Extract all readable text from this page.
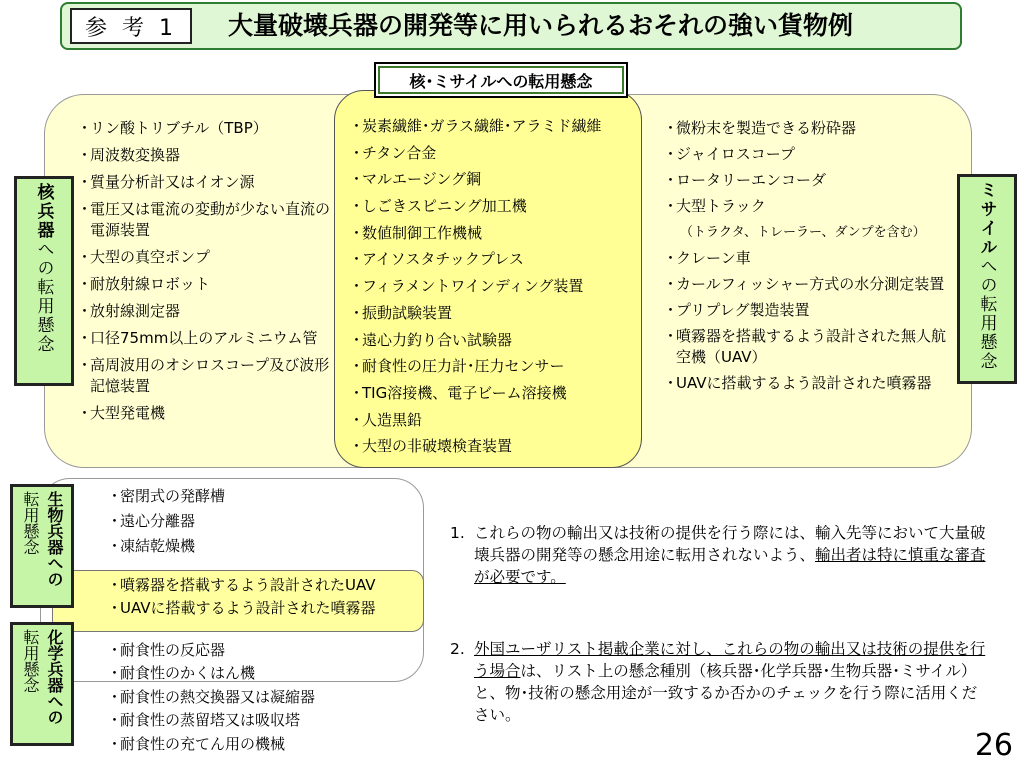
参 考 1	大量破壊兵器の開発等に用いられるおそれの強い貨物例
核･ミサイルへの転用懸念
核兵器への転用懸念
ミサイルへの転用懸念
・ リン酸トリブチル（TBP）
・ 周波数変換器
・ 質量分析計又はイオン源
・ 電圧又は電流の変動が少ない直流の電源装置
・ 大型の真空ポンプ
・ 耐放射線ロボット
・ 放射線測定器
・ 口径75mm以上のアルミニウム管
・ 高周波用のオシロスコープ及び波形記憶装置
・ 大型発電機
・ 炭素繊維･ガラス繊維･アラミド繊維
・ チタン合金
・ マルエージング鋼
・ しごきスピニング加工機
・ 数値制御工作機械
・ アイソスタチックプレス
・ フィラメントワインディング装置
・ 振動試験装置
・ 遠心力釣り合い試験器
・ 耐食性の圧力計･圧力センサー
・ TIG溶接機、電子ビーム溶接機
・ 人造黒鉛
・ 大型の非破壊検査装置
・ 微粉末を製造できる粉砕器
・ ジャイロスコープ
・ ロータリーエンコーダ
・ 大型トラック
（トラクタ、トレーラー、ダンプを含む）
・ クレーン車
・ カールフィッシャー方式の水分測定装置
・ プリプレグ製造装置
・ 噴霧器を搭載するよう設計された無人航空機（UAV）
・ UAVに搭載するよう設計された噴霧器
生物兵器への
転用懸念
化学兵器への
転用懸念
・ 密閉式の発酵槽
・ 遠心分離器
・ 凍結乾燥機
・ 噴霧器を搭載するよう設計されたUAV
・ UAVに搭載するよう設計された噴霧器
・ 耐食性の反応器
・ 耐食性のかくはん機
・ 耐食性の熱交換器又は凝縮器
・ 耐食性の蒸留塔又は吸収塔
・ 耐食性の充てん用の機械
1. これらの物の輸出又は技術の提供を行う際には、輸入先等において大量破壊兵器の開発等の懸念用途に転用されないよう、輸出者は特に慎重な審査が必要です。
2. 外国ユーザリスト掲載企業に対し、これらの物の輸出又は技術の提供を行う場合は、リスト上の懸念種別（核兵器･化学兵器･生物兵器･ミサイル）と、物･技術の懸念用途が一致するか否かのチェックを行う際に活用ください。
26
